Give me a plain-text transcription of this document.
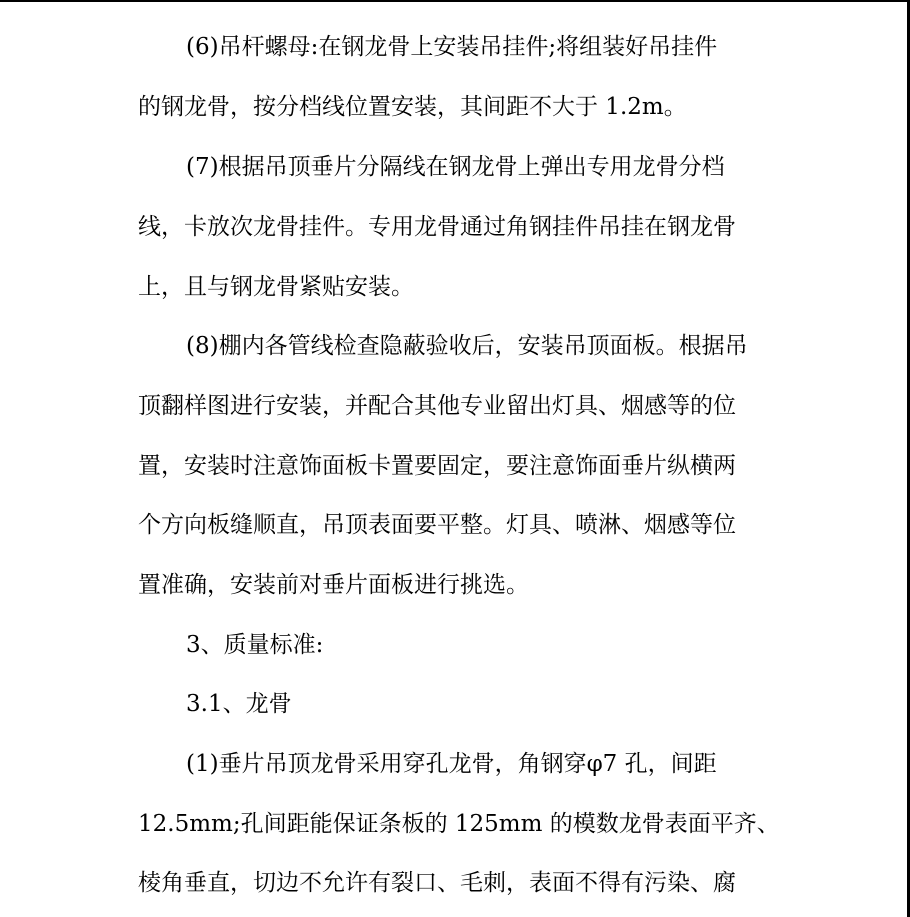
(6)吊杆螺母:在钢龙骨上安装吊挂件;将组装好吊挂件
的钢龙骨，按分档线位置安装，其间距不大于 1.2m。
(7)根据吊顶垂片分隔线在钢龙骨上弹出专用龙骨分档
线，卡放次龙骨挂件。专用龙骨通过角钢挂件吊挂在钢龙骨
上，且与钢龙骨紧贴安装。
(8)棚内各管线检查隐蔽验收后，安装吊顶面板。根据吊
顶翻样图进行安装，并配合其他专业留出灯具、烟感等的位
置，安装时注意饰面板卡置要固定，要注意饰面垂片纵横两
个方向板缝顺直，吊顶表面要平整。灯具、喷淋、烟感等位
置准确，安装前对垂片面板进行挑选。
3、质量标准:
3.1、龙骨
(1)垂片吊顶龙骨采用穿孔龙骨，角钢穿φ7 孔，间距
12.5mm;孔间距能保证条板的 125mm 的模数龙骨表面平齐、
棱角垂直，切边不允许有裂口、毛刺，表面不得有污染、腐
